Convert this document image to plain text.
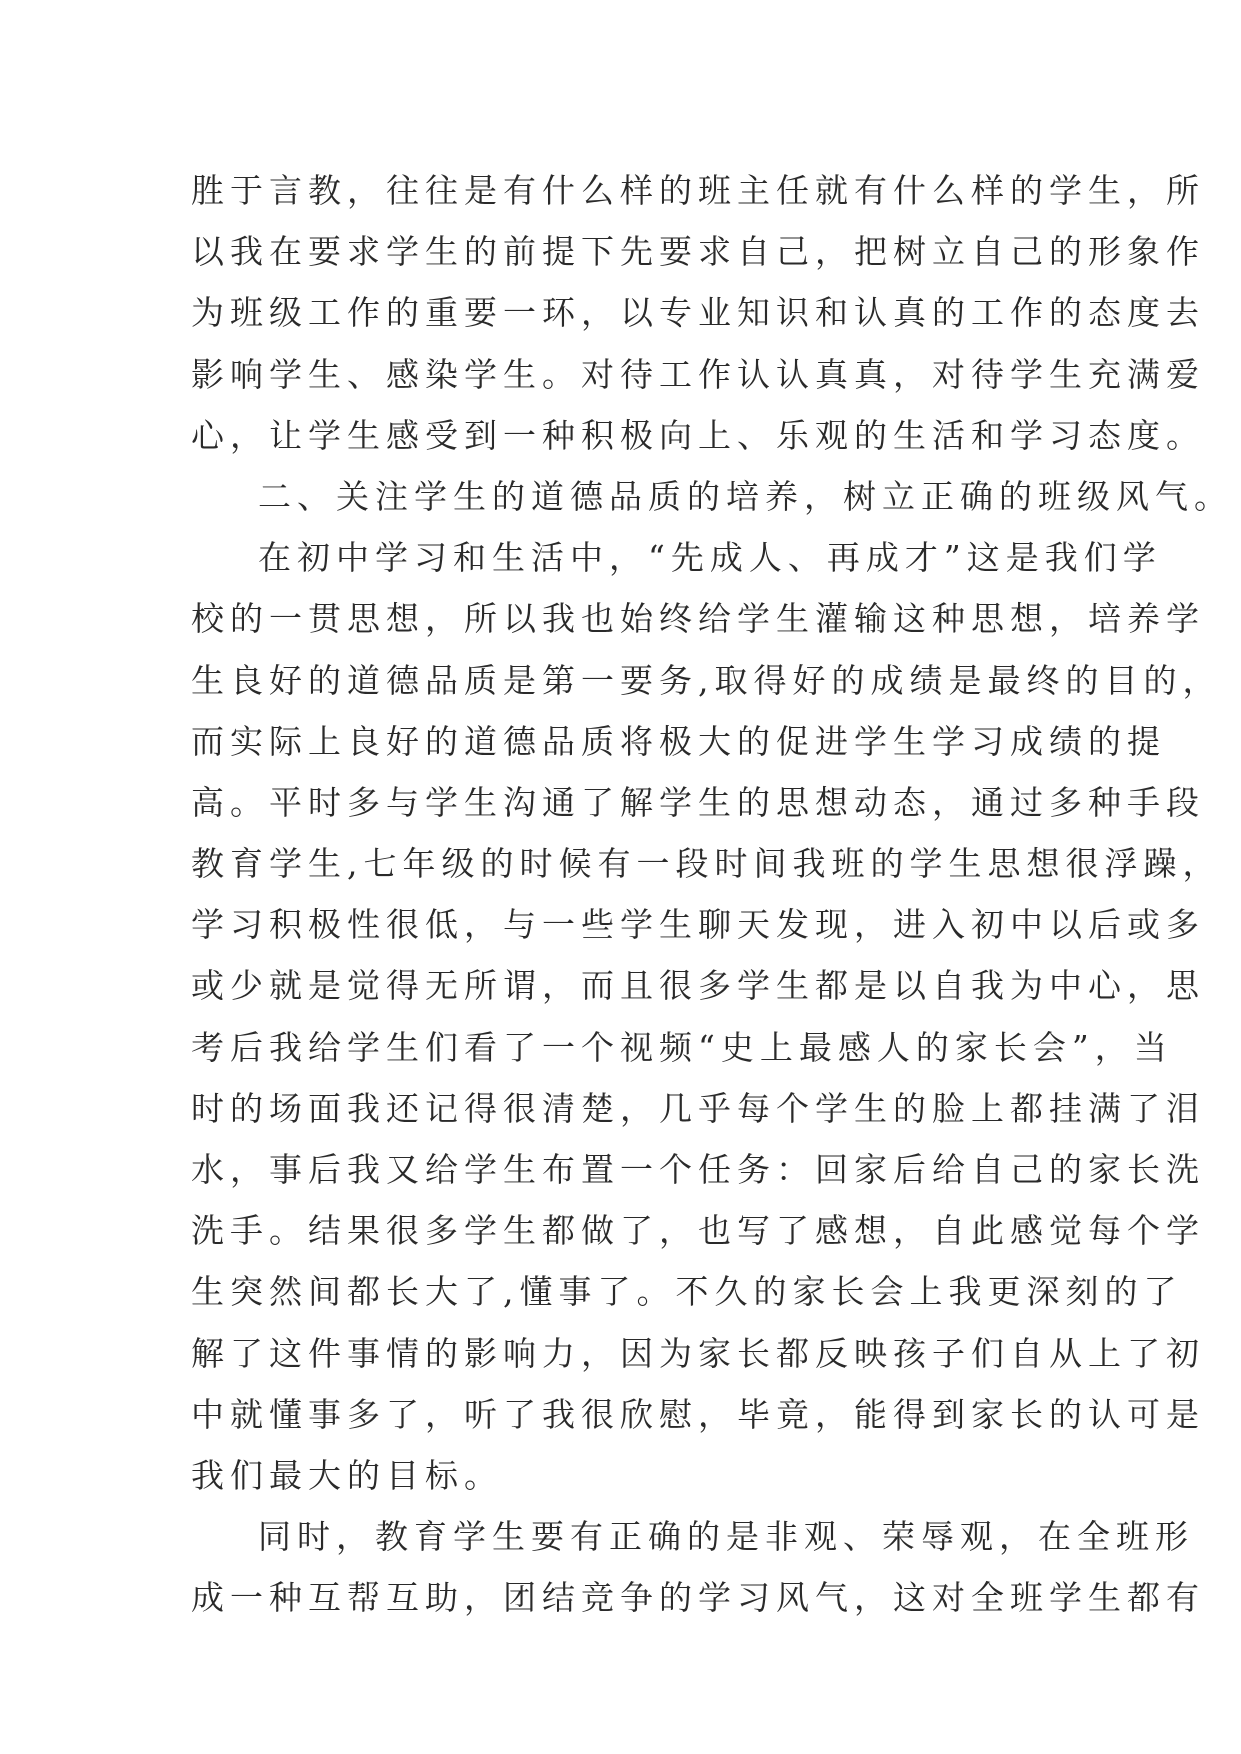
胜于言教，往往是有什么样的班主任就有什么样的学生，所
以我在要求学生的前提下先要求自己，把树立自己的形象作
为班级工作的重要一环，以专业知识和认真的工作的态度去
影响学生、感染学生。对待工作认认真真，对待学生充满爱
心，让学生感受到一种积极向上、乐观的生活和学习态度。
二、关注学生的道德品质的培养，树立正确的班级风气。
在初中学习和生活中，“先成人、再成才”这是我们学
校的一贯思想，所以我也始终给学生灌输这种思想，培养学
生良好的道德品质是第一要务,取得好的成绩是最终的目的，
而实际上良好的道德品质将极大的促进学生学习成绩的提
高。平时多与学生沟通了解学生的思想动态，通过多种手段
教育学生,七年级的时候有一段时间我班的学生思想很浮躁，
学习积极性很低，与一些学生聊天发现，进入初中以后或多
或少就是觉得无所谓，而且很多学生都是以自我为中心，思
考后我给学生们看了一个视频“史上最感人的家长会”，当
时的场面我还记得很清楚，几乎每个学生的脸上都挂满了泪
水，事后我又给学生布置一个任务：回家后给自己的家长洗
洗手。结果很多学生都做了，也写了感想，自此感觉每个学
生突然间都长大了,懂事了。不久的家长会上我更深刻的了
解了这件事情的影响力，因为家长都反映孩子们自从上了初
中就懂事多了，听了我很欣慰，毕竟，能得到家长的认可是
我们最大的目标。
同时，教育学生要有正确的是非观、荣辱观，在全班形
成一种互帮互助，团结竞争的学习风气，这对全班学生都有
